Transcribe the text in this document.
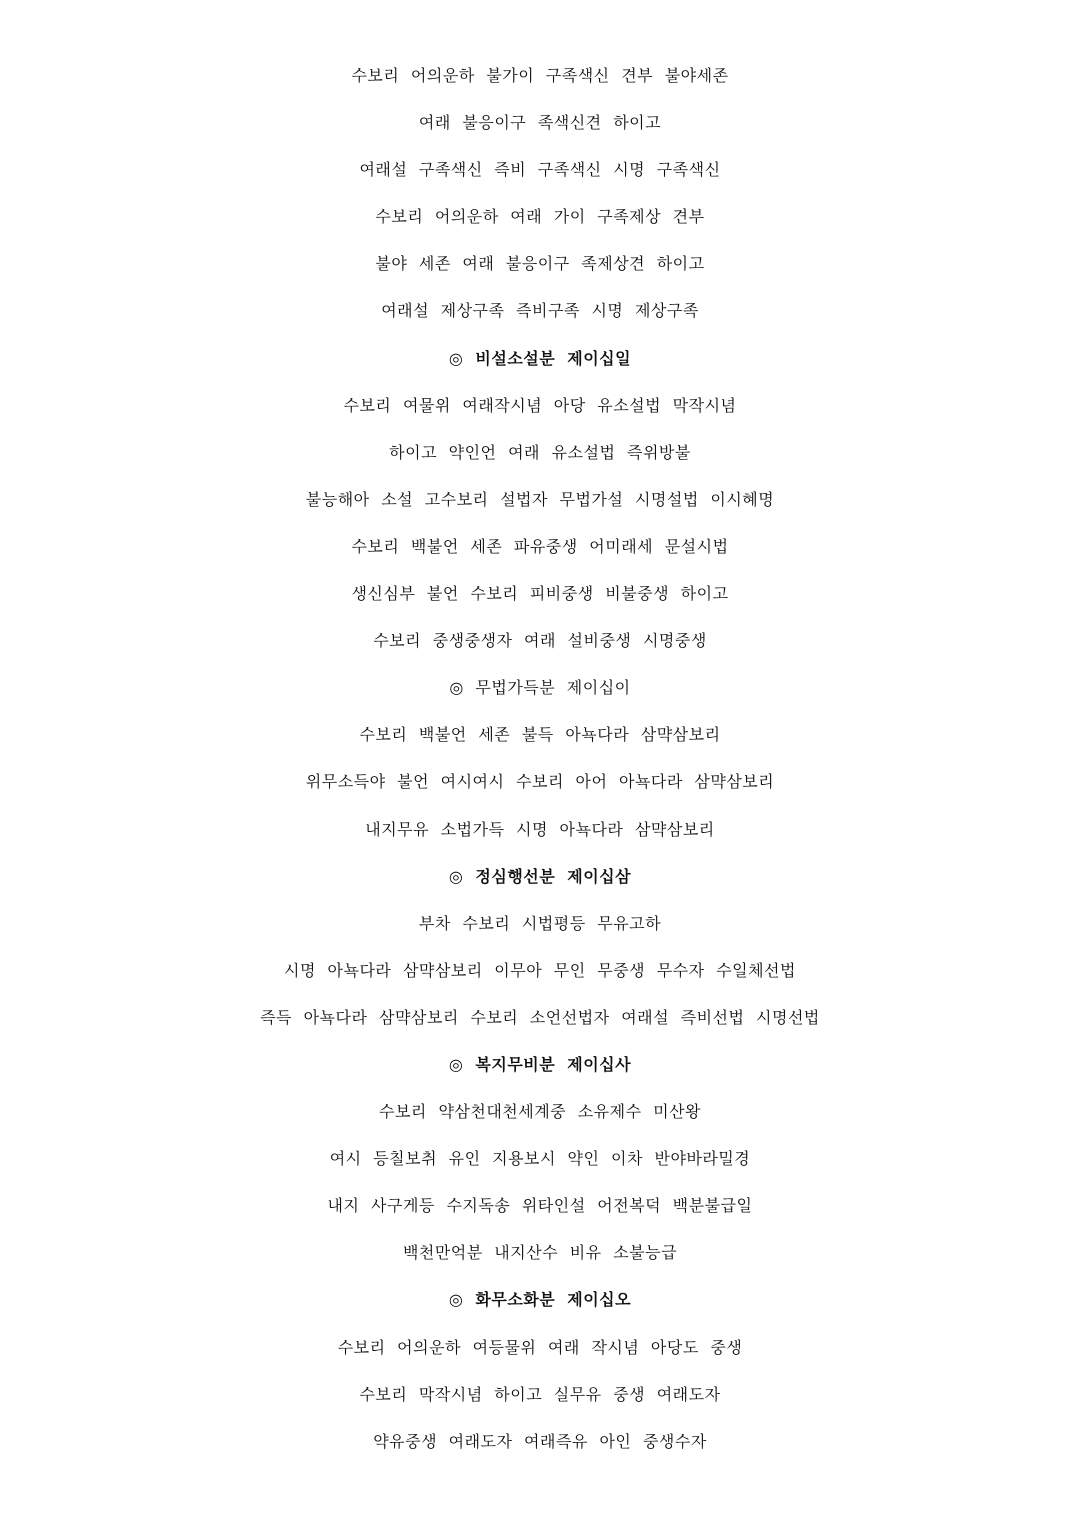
수보리 어의운하 불가이 구족색신 견부 불야세존
여래 불응이구 족색신견 하이고
여래설 구족색신 즉비 구족색신 시명 구족색신
수보리 어의운하 여래 가이 구족제상 견부
불야 세존 여래 불응이구 족제상견 하이고
여래설 제상구족 즉비구족 시명 제상구족
◎ 비설소설분 제이십일
수보리 여물위 여래작시념 아당 유소설법 막작시념
하이고 약인언 여래 유소설법 즉위방불
불능해아 소설 고수보리 설법자 무법가설 시명설법 이시혜명
수보리 백불언 세존 파유중생 어미래세 문설시법
생신심부 불언 수보리 피비중생 비불중생 하이고
수보리 중생중생자 여래 설비중생 시명중생
◎ 무법가득분 제이십이
수보리 백불언 세존 불득 아뇩다라 삼먁삼보리
위무소득야 불언 여시여시 수보리 아어 아뇩다라 삼먁삼보리
내지무유 소법가득 시명 아뇩다라 삼먁삼보리
◎ 정심행선분 제이십삼
부차 수보리 시법평등 무유고하
시명 아뇩다라 삼먁삼보리 이무아 무인 무중생 무수자 수일체선법
즉득 아뇩다라 삼먁삼보리 수보리 소언선법자 여래설 즉비선법 시명선법
◎ 복지무비분 제이십사
수보리 약삼천대천세계중 소유제수 미산왕
여시 등칠보취 유인 지용보시 약인 이차 반야바라밀경
내지 사구게등 수지독송 위타인설 어전복덕 백분불급일
백천만억분 내지산수 비유 소불능급
◎ 화무소화분 제이십오
수보리 어의운하 여등물위 여래 작시념 아당도 중생
수보리 막작시념 하이고 실무유 중생 여래도자
약유중생 여래도자 여래즉유 아인 중생수자
